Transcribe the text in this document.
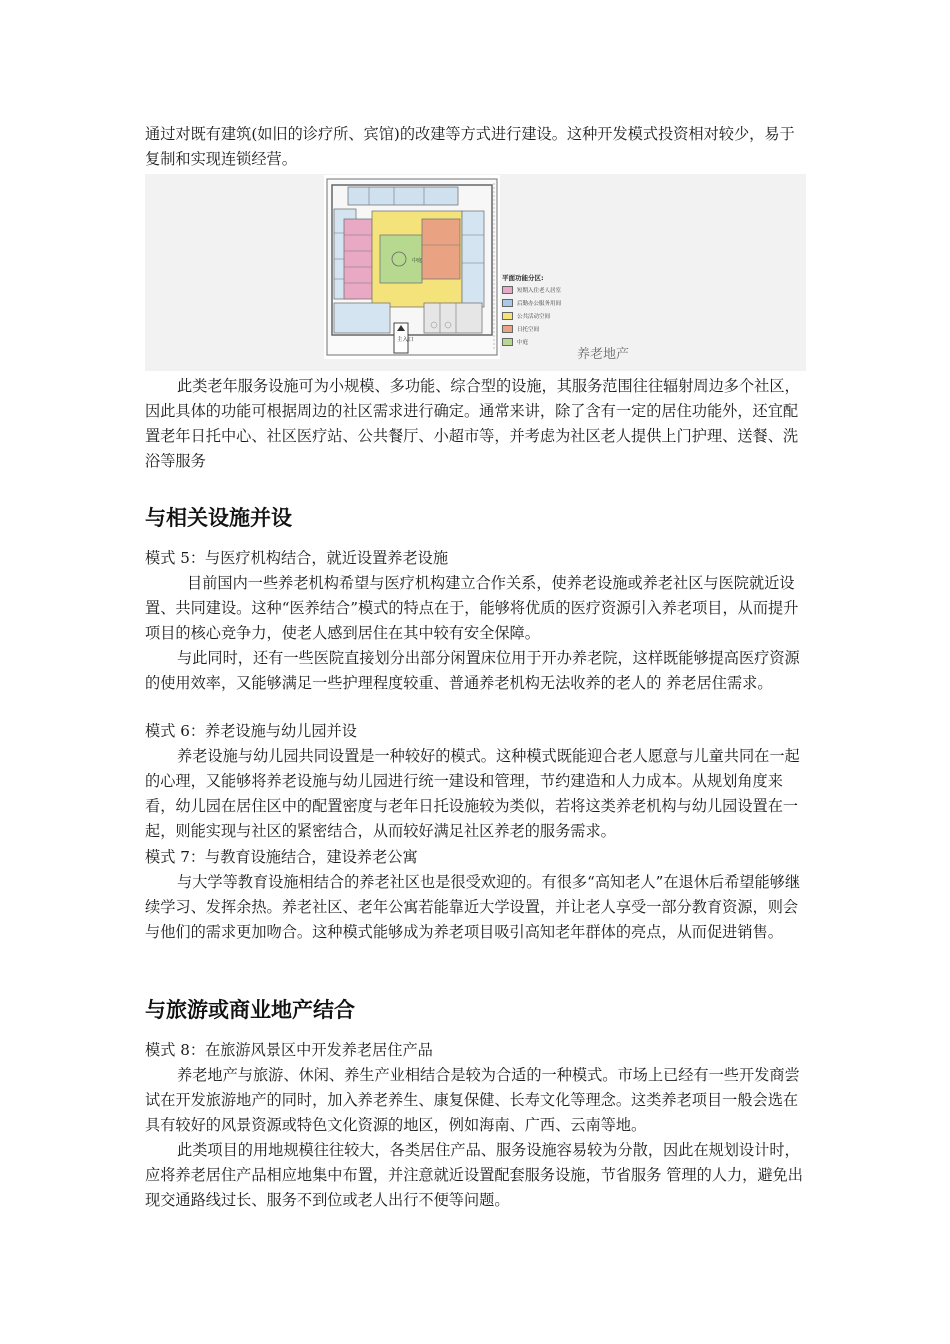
通过对既有建筑(如旧的诊疗所、宾馆)的改建等方式进行建设。这种开发模式投资相对较少，易于复制和实现连锁经营。

中庭
主入口
平面功能分区:
短期入住老人居室
后勤办公服务用间
公共活动空间
日托空间
中庭
养老地产

此类老年服务设施可为小规模、多功能、综合型的设施，其服务范围往往辐射周边多个社区，因此具体的功能可根据周边的社区需求进行确定。通常来讲，除了含有一定的居住功能外，还宜配置老年日托中心、社区医疗站、公共餐厅、小超市等，并考虑为社区老人提供上门护理、送餐、洗浴等服务

与相关设施并设

模式 5：与医疗机构结合，就近设置养老设施

目前国内一些养老机构希望与医疗机构建立合作关系，使养老设施或养老社区与医院就近设置、共同建设。这种“医养结合”模式的特点在于，能够将优质的医疗资源引入养老项目，从而提升项目的核心竞争力，使老人感到居住在其中较有安全保障。

与此同时，还有一些医院直接划分出部分闲置床位用于开办养老院，这样既能够提高医疗资源的使用效率，又能够满足一些护理程度较重、普通养老机构无法收养的老人的 养老居住需求。

模式 6：养老设施与幼儿园并设

养老设施与幼儿园共同设置是一种较好的模式。这种模式既能迎合老人愿意与儿童共同在一起的心理，又能够将养老设施与幼儿园进行统一建设和管理，节约建造和人力成本。从规划角度来看，幼儿园在居住区中的配置密度与老年日托设施较为类似，若将这类养老机构与幼儿园设置在一起，则能实现与社区的紧密结合，从而较好满足社区养老的服务需求。

模式 7：与教育设施结合，建设养老公寓

与大学等教育设施相结合的养老社区也是很受欢迎的。有很多“高知老人”在退休后希望能够继续学习、发挥余热。养老社区、老年公寓若能靠近大学设置，并让老人享受一部分教育资源，则会与他们的需求更加吻合。这种模式能够成为养老项目吸引高知老年群体的亮点，从而促进销售。

与旅游或商业地产结合

模式 8：在旅游风景区中开发养老居住产品

养老地产与旅游、休闲、养生产业相结合是较为合适的一种模式。市场上已经有一些开发商尝试在开发旅游地产的同时，加入养老养生、康复保健、长寿文化等理念。这类养老项目一般会选在具有较好的风景资源或特色文化资源的地区，例如海南、广西、云南等地。

此类项目的用地规模往往较大，各类居住产品、服务设施容易较为分散，因此在规划设计时，应将养老居住产品相应地集中布置，并注意就近设置配套服务设施，节省服务 管理的人力，避免出现交通路线过长、服务不到位或老人出行不便等问题。
